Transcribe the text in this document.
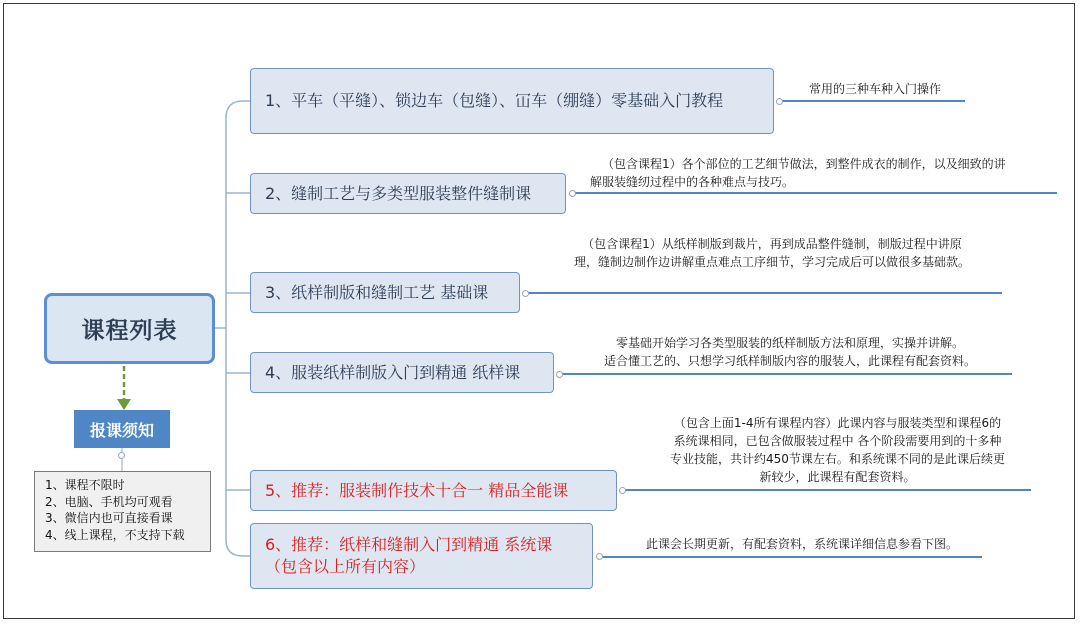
课程列表
报课须知
1、课程不限时
2、电脑、手机均可观看
3、微信内也可直接看课
4、线上课程，不支持下载
1、平车（平缝）、锁边车（包缝）、冚车（绷缝）零基础入门教程
2、缝制工艺与多类型服装整件缝制课
3、纸样制版和缝制工艺 基础课
4、服装纸样制版入门到精通 纸样课
5、推荐：服装制作技术十合一 精品全能课
6、推荐：纸样和缝制入门到精通 系统课（包含以上所有内容）
常用的三种车种入门操作
（包含课程1）各个部位的工艺细节做法，到整件成衣的制作，以及细致的讲
解服装缝纫过程中的各种难点与技巧。
（包含课程1）从纸样制版到裁片，再到成品整件缝制，制版过程中讲原
理，缝制边制作边讲解重点难点工序细节，学习完成后可以做很多基础款。
零基础开始学习各类型服装的纸样制版方法和原理，实操并讲解。
适合懂工艺的、只想学习纸样制版内容的服装人，此课程有配套资料。
（包含上面1-4所有课程内容）此课内容与服装类型和课程6的
系统课相同，已包含做服装过程中 各个阶段需要用到的十多种
专业技能，共计约450节课左右。和系统课不同的是此课后续更
新较少，此课程有配套资料。
此课会长期更新，有配套资料，系统课详细信息参看下图。
